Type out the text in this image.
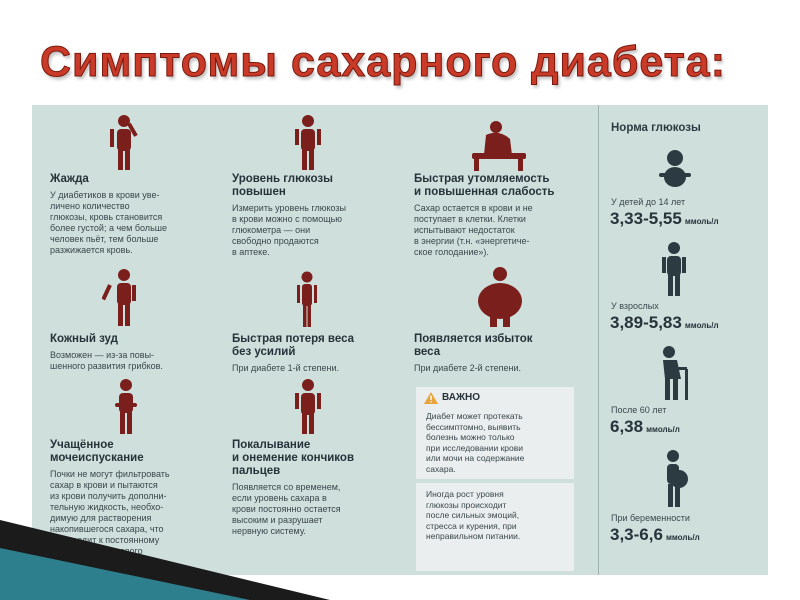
Симптомы сахарного диабета:
Жажда
У диабетиков в крови уве-
личено количество
глюкозы, кровь становится
более густой; а чем больше
человек пьёт, тем больше
разжижается кровь.
Уровень глюкозы
повышен
Измерить уровень глюкозы
в крови можно с помощью
глюкометра — они
свободно продаются
в аптеке.
Быстрая утомляемость
и повышенная слабость
Сахар остается в крови и не
поступает в клетки. Клетки
испытывают недостаток
в энергии (т.н. «энергетиче-
ское голодание»).
Кожный зуд
Возможен — из-за повы-
шенного развития грибков.
Быстрая потеря веса
без усилий
При диабете 1-й степени.
Появляется избыток
веса
При диабете 2-й степени.
Учащённое
мочеиспускание
Почки не могут фильтровать
сахар в крови и пытаются
из крови получить дополни-
тельную жидкость, необхо-
димую для растворения
накопившегося сахара, что
и приводит к постоянному
наполнению мочевого
пузыря.
Покалывание
и онемение кончиков
пальцев
Появляется со временем,
если уровень сахара в
крови постоянно остается
высоким и разрушает
нервную систему.
ВАЖНО
Диабет может протекать
бессимптомно, выявить
болезнь можно только
при исследовании крови
или мочи на содержание
сахара.
Иногда рост уровня
глюкозы происходит
после сильных эмоций,
стресса и курения, при
неправильном питании.
Норма глюкозы
У детей до 14 лет
3,33-5,55 ммоль/л
У взрослых
3,89-5,83 ммоль/л
После 60 лет
6,38 ммоль/л
При беременности
3,3-6,6 ммоль/л
